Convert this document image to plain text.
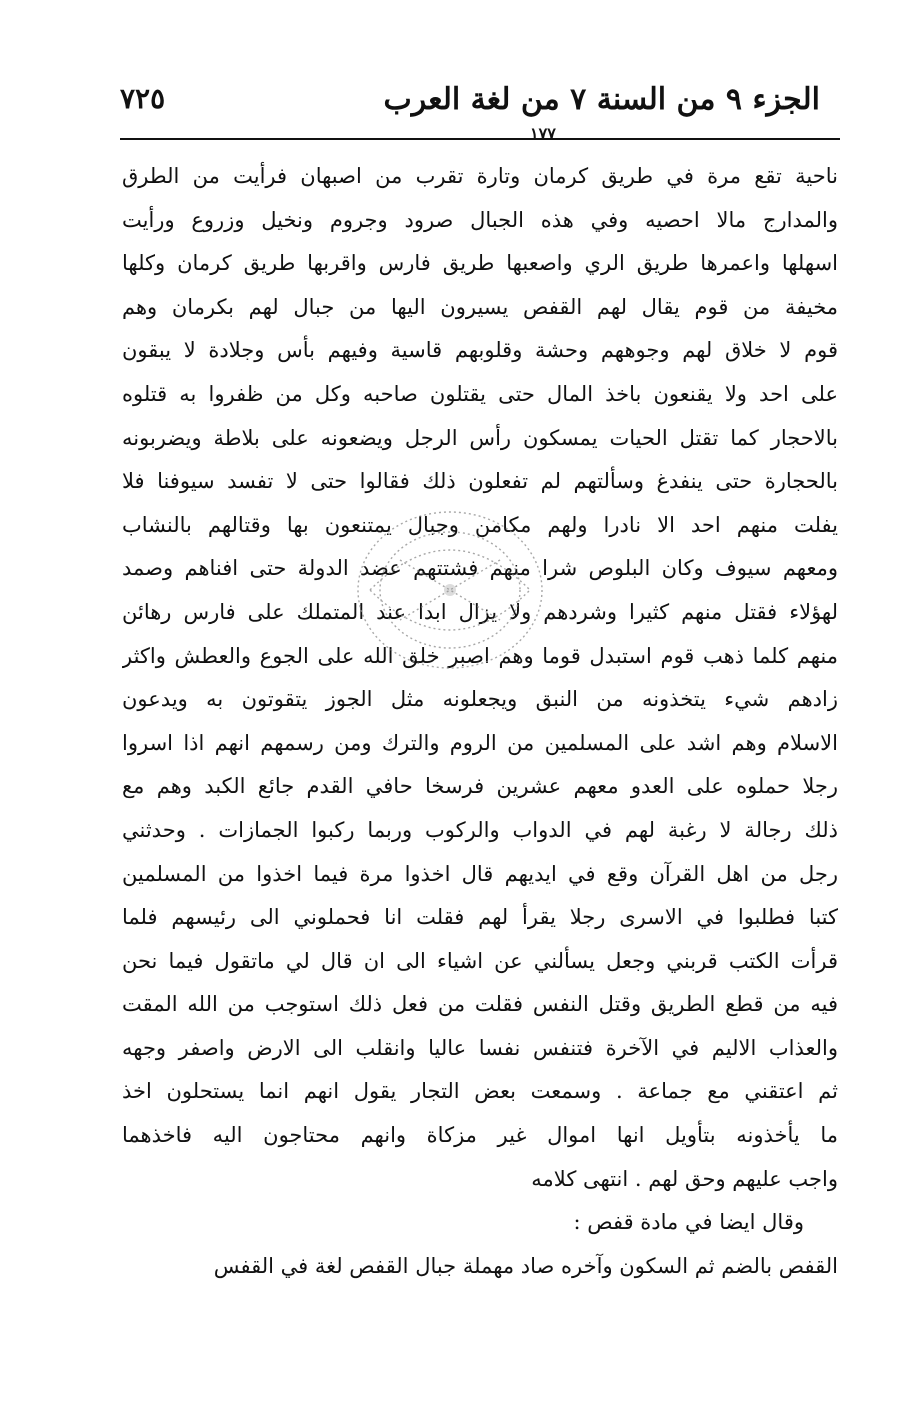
الجزء ٩ من السنة ٧ من لغة العرب
٧٢٥
١٧٧
ناحية تقع مرة في طريق كرمان وتارة تقرب من اصبهان فرأيت من الطرق
والمدارج مالا احصيه وفي هذه الجبال صرود وجروم ونخيل وزروع ورأيت
اسهلها واعمرها طريق الري واصعبها طريق فارس واقربها طريق كرمان وكلها
مخيفة من قوم يقال لهم القفص يسيرون اليها من جبال لهم بكرمان وهم
قوم لا خلاق لهم وجوههم وحشة وقلوبهم قاسية وفيهم بأس وجلادة لا يبقون
على احد ولا يقنعون باخذ المال حتى يقتلون صاحبه وكل من ظفروا به قتلوه
بالاحجار كما تقتل الحيات يمسكون رأس الرجل ويضعونه على بلاطة ويضربونه
بالحجارة حتى ينفدغ وسألتهم لم تفعلون ذلك فقالوا حتى لا تفسد سيوفنا فلا
يفلت منهم احد الا نادرا ولهم مكامن وجبال يمتنعون بها وقتالهم بالنشاب
ومعهم سيوف وكان البلوص شرا منهم فشتتهم عضد الدولة حتى افناهم وصمد
لهؤلاء فقتل منهم كثيرا وشردهم ولا يزال ابدا عند المتملك على فارس رهائن
منهم كلما ذهب قوم استبدل قوما وهم اصبر خلق الله على الجوع والعطش واكثر
زادهم شيء يتخذونه من النبق ويجعلونه مثل الجوز يتقوتون به ويدعون
الاسلام وهم اشد على المسلمين من الروم والترك ومن رسمهم انهم اذا اسروا
رجلا حملوه على العدو معهم عشرين فرسخا حافي القدم جائع الكبد وهم مع
ذلك رجالة لا رغبة لهم في الدواب والركوب وربما ركبوا الجمازات . وحدثني
رجل من اهل القرآن وقع في ايديهم قال اخذوا مرة فيما اخذوا من المسلمين
كتبا فطلبوا في الاسرى رجلا يقرأ لهم فقلت انا فحملوني الى رئيسهم فلما
قرأت الكتب قربني وجعل يسألني عن اشياء الى ان قال لي ماتقول فيما نحن
فيه من قطع الطريق وقتل النفس فقلت من فعل ذلك استوجب من الله المقت
والعذاب الاليم في الآخرة فتنفس نفسا عاليا وانقلب الى الارض واصفر وجهه
ثم اعتقني مع جماعة . وسمعت بعض التجار يقول انهم انما يستحلون اخذ
ما يأخذونه بتأويل انها اموال غير مزكاة وانهم محتاجون اليه فاخذهما
واجب عليهم وحق لهم . انتهى كلامه
وقال ايضا في مادة قفص :
القفص بالضم ثم السكون وآخره صاد مهملة جبال القفص لغة في القفس
